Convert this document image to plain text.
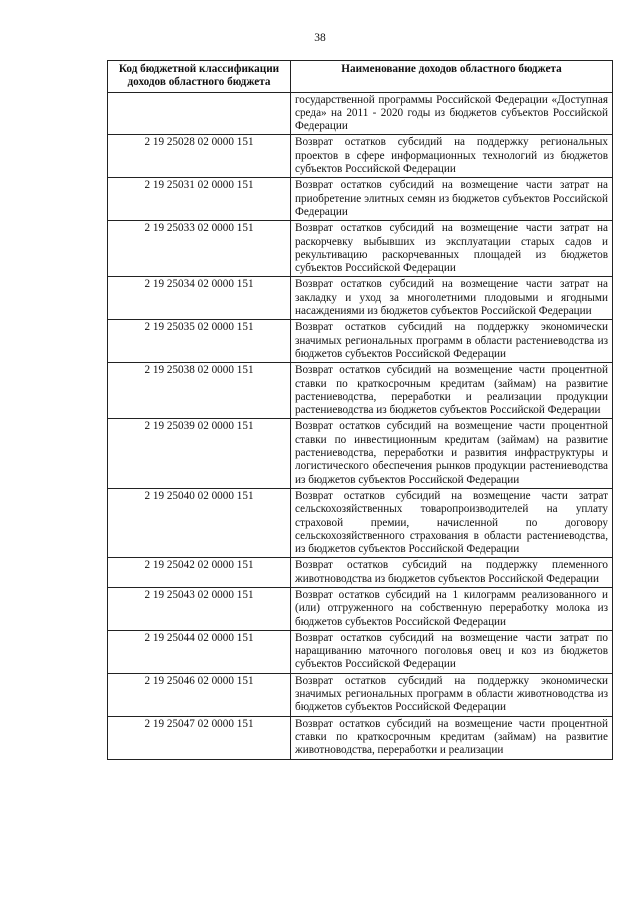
38
Код бюджетной классификации доходов областного бюджета	Наименование доходов областного бюджета
	государственной программы Российской Федерации «Доступная среда» на 2011 - 2020 годы из бюджетов субъектов Российской Федерации
2 19 25028 02 0000 151	Возврат остатков субсидий на поддержку региональных проектов в сфере информационных технологий из бюджетов субъектов Российской Федерации
2 19 25031 02 0000 151	Возврат остатков субсидий на возмещение части затрат на приобретение элитных семян из бюджетов субъектов Российской Федерации
2 19 25033 02 0000 151	Возврат остатков субсидий на возмещение части затрат на раскорчевку выбывших из эксплуатации старых садов и рекультивацию раскорчеванных площадей из бюджетов субъектов Российской Федерации
2 19 25034 02 0000 151	Возврат остатков субсидий на возмещение части затрат на закладку и уход за многолетними плодовыми и ягодными насаждениями из бюджетов субъектов Российской Федерации
2 19 25035 02 0000 151	Возврат остатков субсидий на поддержку экономически значимых региональных программ в области растениеводства из бюджетов субъектов Российской Федерации
2 19 25038 02 0000 151	Возврат остатков субсидий на возмещение части процентной ставки по краткосрочным кредитам (займам) на развитие растениеводства, переработки и реализации продукции растениеводства из бюджетов субъектов Российской Федерации
2 19 25039 02 0000 151	Возврат остатков субсидий на возмещение части процентной ставки по инвестиционным кредитам (займам) на развитие растениеводства, переработки и развития инфраструктуры и логистического обеспечения рынков продукции растениеводства из бюджетов субъектов Российской Федерации
2 19 25040 02 0000 151	Возврат остатков субсидий на возмещение части затрат сельскохозяйственных товаропроизводителей на уплату страховой премии, начисленной по договору сельскохозяйственного страхования в области растениеводства, из бюджетов субъектов Российской Федерации
2 19 25042 02 0000 151	Возврат остатков субсидий на поддержку племенного животноводства из бюджетов субъектов Российской Федерации
2 19 25043 02 0000 151	Возврат остатков субсидий на 1 килограмм реализованного и (или) отгруженного на собственную переработку молока из бюджетов субъектов Российской Федерации
2 19 25044 02 0000 151	Возврат остатков субсидий на возмещение части затрат по наращиванию маточного поголовья овец и коз из бюджетов субъектов Российской Федерации
2 19 25046 02 0000 151	Возврат остатков субсидий на поддержку экономически значимых региональных программ в области животноводства из бюджетов субъектов Российской Федерации
2 19 25047 02 0000 151	Возврат остатков субсидий на возмещение части процентной ставки по краткосрочным кредитам (займам) на развитие животноводства, переработки и реализации
